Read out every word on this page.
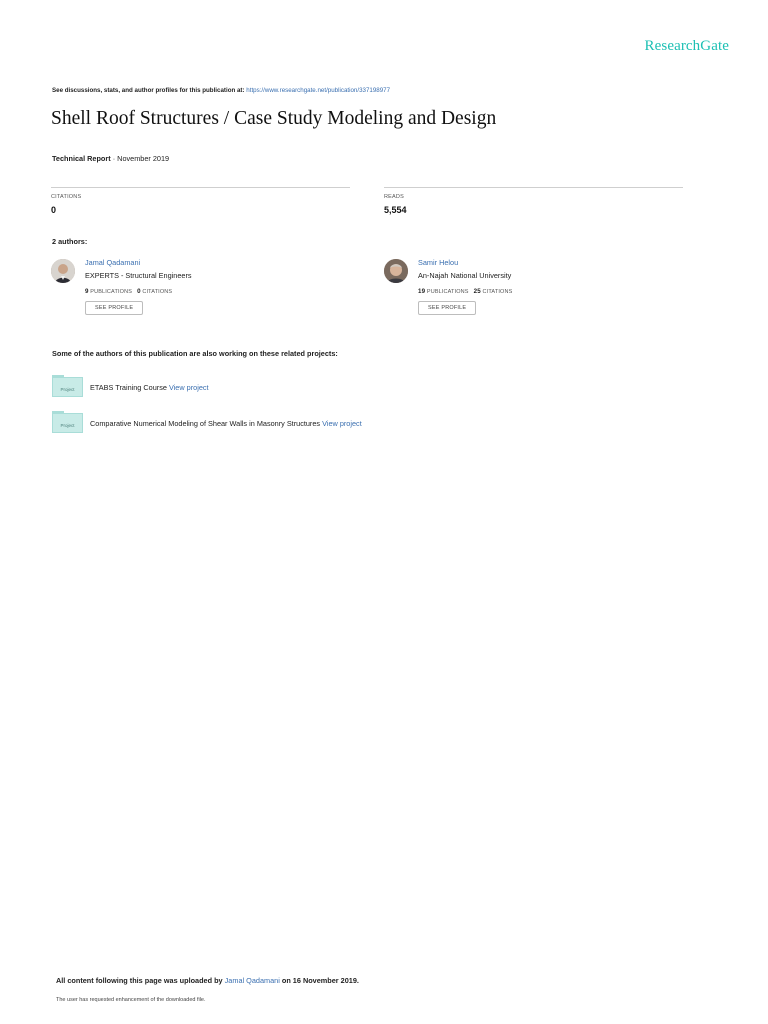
ResearchGate
See discussions, stats, and author profiles for this publication at: https://www.researchgate.net/publication/337198977
Shell Roof Structures / Case Study Modeling and Design
Technical Report · November 2019
CITATIONS
0
READS
5,554
2 authors:
Jamal Qadamani
EXPERTS - Structural Engineers
9 PUBLICATIONS 0 CITATIONS
SEE PROFILE
Samir Helou
An-Najah National University
19 PUBLICATIONS 25 CITATIONS
SEE PROFILE
Some of the authors of this publication are also working on these related projects:
Project	ETABS Training Course View project
Project	Comparative Numerical Modeling of Shear Walls in Masonry Structures View project
All content following this page was uploaded by Jamal Qadamani on 16 November 2019.
The user has requested enhancement of the downloaded file.
